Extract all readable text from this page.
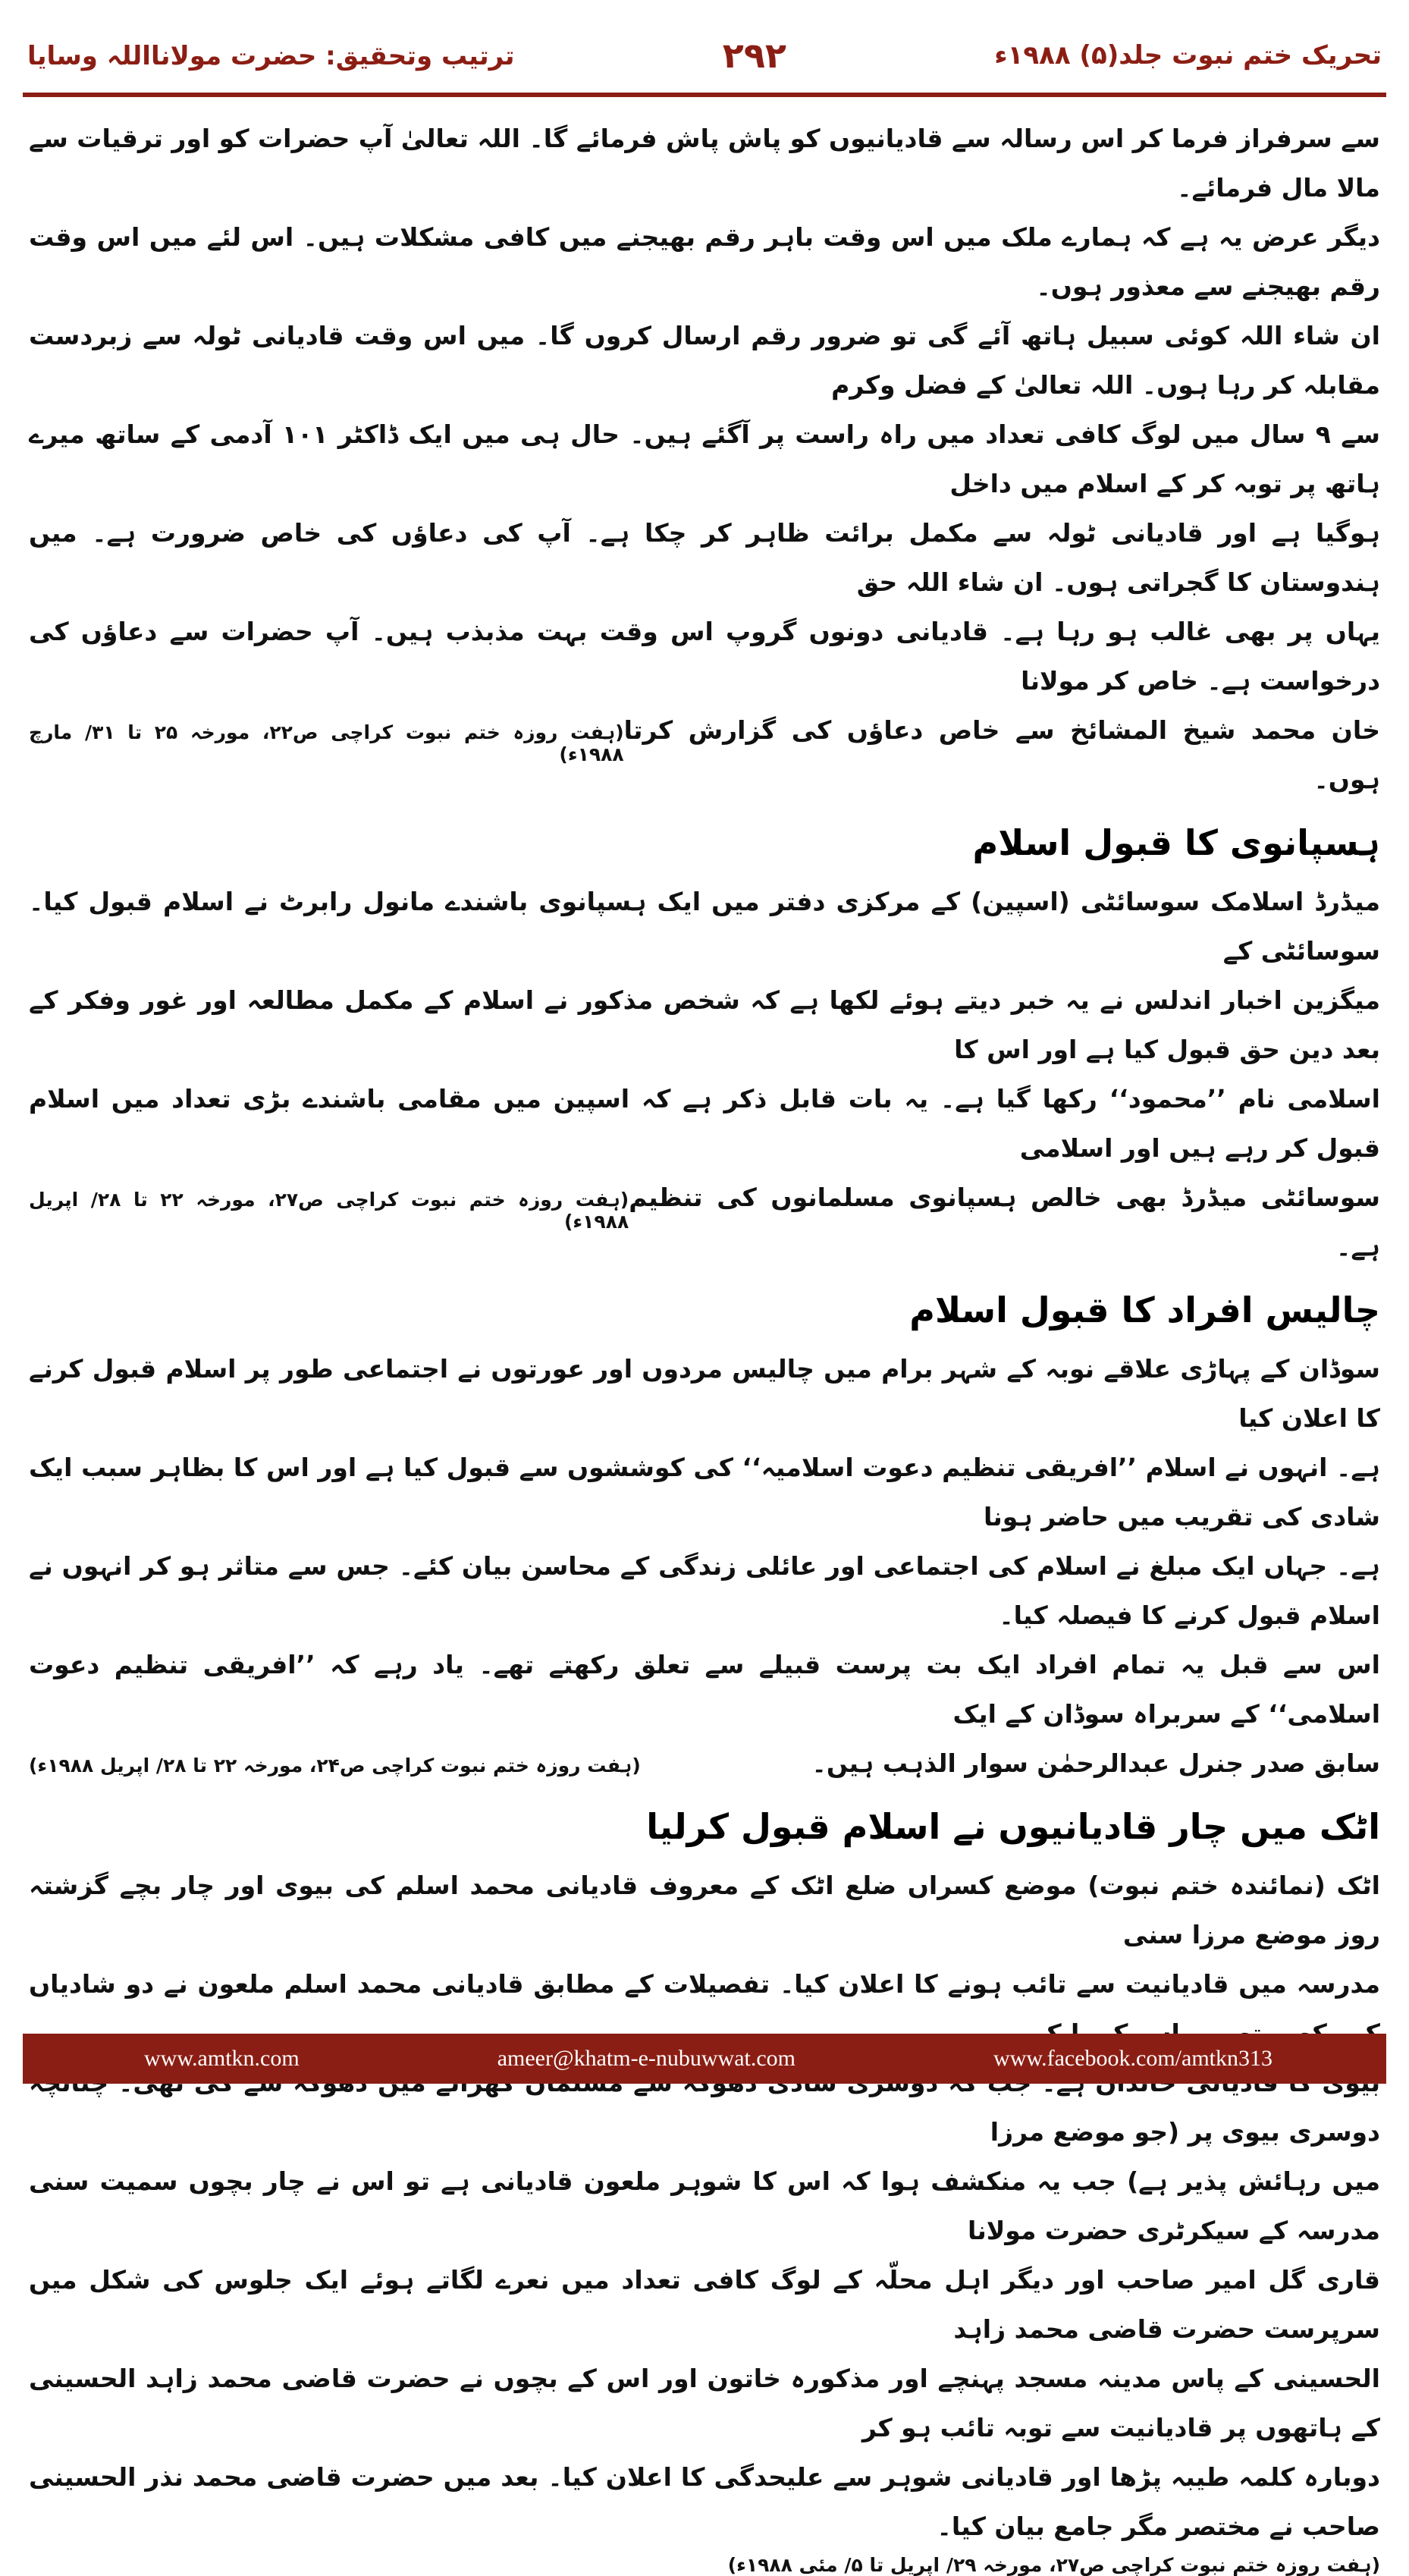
تحریک ختم نبوت جلد(۵) ۱۹۸۸ء
۲۹۲
ترتیب وتحقیق: حضرت مولانااللہ وسایا

سے سرفراز فرما کر اس رسالہ سے قادیانیوں کو پاش پاش فرمائے گا۔ اللہ تعالیٰ آپ حضرات کو اور ترقیات سے مالا مال فرمائے۔

دیگر عرض یہ ہے کہ ہمارے ملک میں اس وقت باہر رقم بھیجنے میں کافی مشکلات ہیں۔ اس لئے میں اس وقت رقم بھیجنے سے معذور ہوں۔

ان شاء اللہ کوئی سبیل ہاتھ آئے گی تو ضرور رقم ارسال کروں گا۔ میں اس وقت قادیانی ٹولہ سے زبردست مقابلہ کر رہا ہوں۔ اللہ تعالیٰ کے فضل وکرم

سے ۹ سال میں لوگ کافی تعداد میں راہ راست پر آگئے ہیں۔ حال ہی میں ایک ڈاکٹر ۱۰۱ آدمی کے ساتھ میرے ہاتھ پر توبہ کر کے اسلام میں داخل

ہوگیا ہے اور قادیانی ٹولہ سے مکمل برائت ظاہر کر چکا ہے۔ آپ کی دعاؤں کی خاص ضرورت ہے۔ میں ہندوستان کا گجراتی ہوں۔ ان شاء اللہ حق

یہاں پر بھی غالب ہو رہا ہے۔ قادیانی دونوں گروپ اس وقت بہت مذبذب ہیں۔ آپ حضرات سے دعاؤں کی درخواست ہے۔ خاص کر مولانا

خان محمد شیخ المشائخ سے خاص دعاؤں کی گزارش کرتا ہوں۔
(ہفت روزہ ختم نبوت کراچی ص۲۲، مورخہ ۲۵ تا ۳۱/ مارچ ۱۹۸۸ء)
ہسپانوی کا قبول اسلام

میڈرڈ اسلامک سوسائٹی (اسپین) کے مرکزی دفتر میں ایک ہسپانوی باشندے مانول رابرٹ نے اسلام قبول کیا۔ سوسائٹی کے

میگزین اخبار اندلس نے یہ خبر دیتے ہوئے لکھا ہے کہ شخص مذکور نے اسلام کے مکمل مطالعہ اور غور وفکر کے بعد دین حق قبول کیا ہے اور اس کا

اسلامی نام ’’محمود‘‘ رکھا گیا ہے۔ یہ بات قابل ذکر ہے کہ اسپین میں مقامی باشندے بڑی تعداد میں اسلام قبول کر رہے ہیں اور اسلامی

سوسائٹی میڈرڈ بھی خالص ہسپانوی مسلمانوں کی تنظیم ہے۔
(ہفت روزہ ختم نبوت کراچی ص۲۷، مورخہ ۲۲ تا ۲۸/ اپریل ۱۹۸۸ء)
چالیس افراد کا قبول اسلام

سوڈان کے پہاڑی علاقے نوبہ کے شہر برام میں چالیس مردوں اور عورتوں نے اجتماعی طور پر اسلام قبول کرنے کا اعلان کیا

ہے۔ انہوں نے اسلام ’’افریقی تنظیم دعوت اسلامیہ‘‘ کی کوششوں سے قبول کیا ہے اور اس کا بظاہر سبب ایک شادی کی تقریب میں حاضر ہونا

ہے۔ جہاں ایک مبلغ نے اسلام کی اجتماعی اور عائلی زندگی کے محاسن بیان کئے۔ جس سے متاثر ہو کر انہوں نے اسلام قبول کرنے کا فیصلہ کیا۔

اس سے قبل یہ تمام افراد ایک بت پرست قبیلے سے تعلق رکھتے تھے۔ یاد رہے کہ ’’افریقی تنظیم دعوت اسلامی‘‘ کے سربراہ سوڈان کے ایک

سابق صدر جنرل عبدالرحمٰن سوار الذہب ہیں۔
(ہفت روزہ ختم نبوت کراچی ص۲۴، مورخہ ۲۲ تا ۲۸/ اپریل ۱۹۸۸ء)
اٹک میں چار قادیانیوں نے اسلام قبول کرلیا

اٹک (نمائندہ ختم نبوت) موضع کسراں ضلع اٹک کے معروف قادیانی محمد اسلم کی بیوی اور چار بچے گزشتہ روز موضع مرزا سنی

مدرسہ میں قادیانیت سے تائب ہونے کا اعلان کیا۔ تفصیلات کے مطابق قادیانی محمد اسلم ملعون نے دو شادیاں

دوسری بیوی پر (جو موضع مرزا

میں رہائش پذیر ہے) جب یہ منکشف ہوا کہ اس کا شوہر ملعون قادیانی ہے تو اس نے چار بچوں سمیت سنی مدرسہ کے سیکرٹری حضرت مولانا

قاری گل امیر صاحب اور دیگر اہل محلّہ کے لوگ کافی تعداد میں نعرے لگاتے ہوئے ایک جلوس کی شکل میں سرپرست حضرت قاضی محمد زاہد

الحسینی کے پاس مدینہ مسجد پہنچے اور مذکورہ خاتون اور اس کے بچوں نے حضرت قاضی محمد زاہد الحسینی کے ہاتھوں پر قادیانیت سے توبہ تائب ہو کر

دوبارہ کلمہ طیبہ پڑھا اور قادیانی شوہر سے علیحدگی کا اعلان کیا۔ بعد میں حضرت قاضی محمد نذر الحسینی صاحب نے مختصر مگر جامع بیان کیا۔

(ہفت روزہ ختم نبوت کراچی ص۲۷، مورخہ ۲۹/ اپریل تا ۵/ مئی ۱۹۸۸ء)
www.amtkn.com	ameer@khatm-e-nubuwwat.com	www.facebook.com/amtkn313
